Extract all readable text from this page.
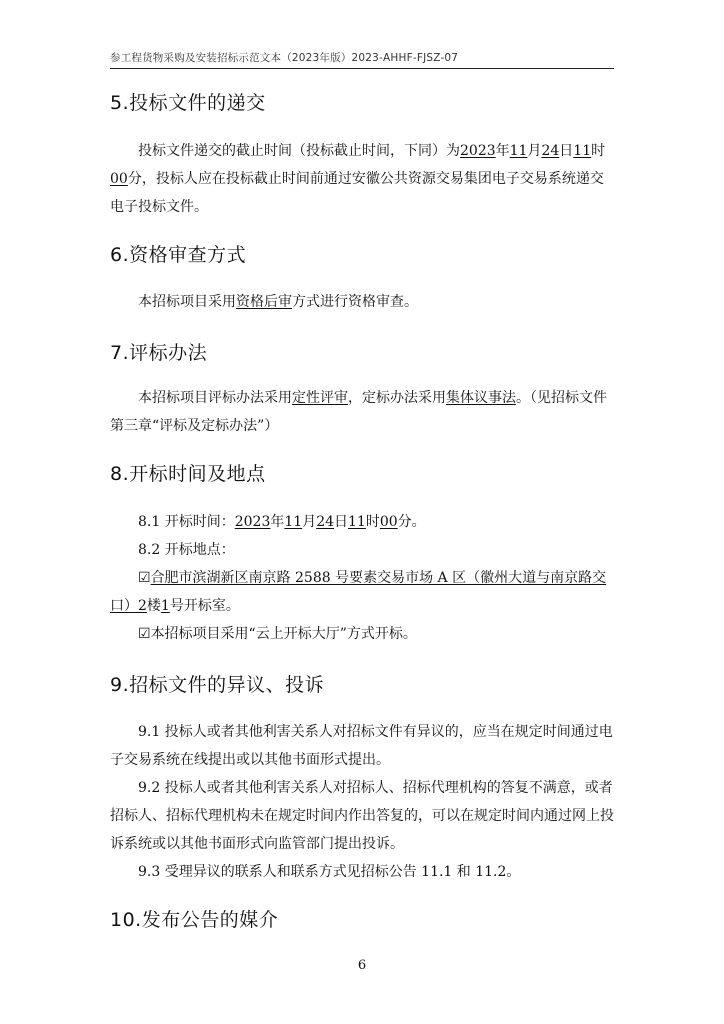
参工程货物采购及安装招标示范文本（2023年版）2023-AHHF-FJSZ-07
5.投标文件的递交

投标文件递交的截止时间（投标截止时间，下同）为2023年11月24日11时00分，投标人应在投标截止时间前通过安徽公共资源交易集团电子交易系统递交电子投标文件。

6.资格审查方式

本招标项目采用资格后审方式进行资格审查。

7.评标办法

本招标项目评标办法采用定性评审，定标办法采用集体议事法。（见招标文件第三章“评标及定标办法”）

8.开标时间及地点

8.1 开标时间：2023年11月24日11时00分。

8.2 开标地点：

☑合肥市滨湖新区南京路 2588 号要素交易市场 A 区（徽州大道与南京路交口）2楼1号开标室。

☑本招标项目采用“云上开标大厅”方式开标。

9.招标文件的异议、投诉

9.1 投标人或者其他利害关系人对招标文件有异议的，应当在规定时间通过电子交易系统在线提出或以其他书面形式提出。

9.2 投标人或者其他利害关系人对招标人、招标代理机构的答复不满意，或者招标人、招标代理机构未在规定时间内作出答复的，可以在规定时间内通过网上投诉系统或以其他书面形式向监管部门提出投诉。

9.3 受理异议的联系人和联系方式见招标公告 11.1 和 11.2。

10.发布公告的媒介
6
